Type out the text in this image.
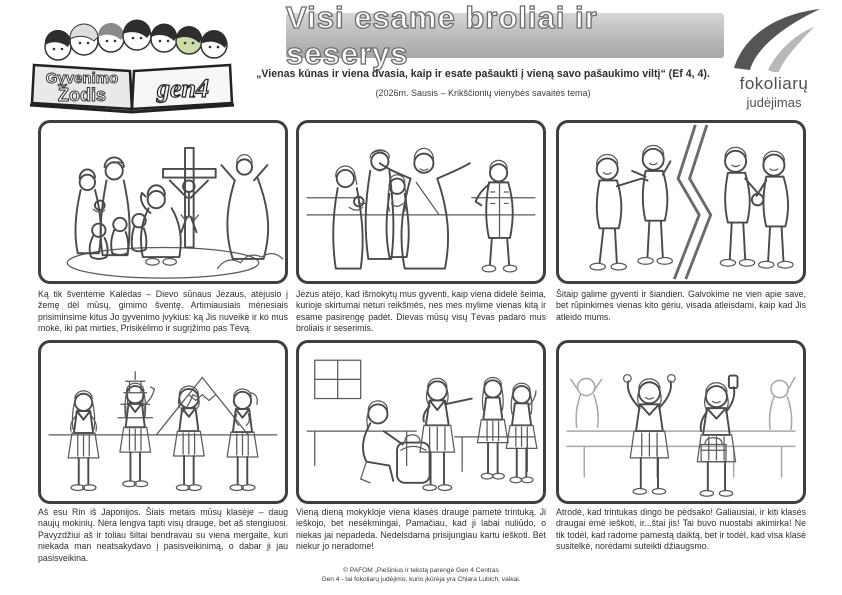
Gyvenimo
Žodis gen4
Visi esame broliai ir seserys
fokoliarų
judėjimas
„Vienas kūnas ir viena dvasia, kaip ir esate pašaukti į vieną savo pašaukimo viltį“ (Ef 4, 4).
(2026m. Sausis – Krikščionių vienybės savaitės tema)
Ką tik šventėme Kalėdas – Dievo sūnaus Jėzaus, atėjusio į žemę dėl mūsų, gimimo šventę. Artimiausiais mėnesiais prisiminsime kitus Jo gyvenimo įvykius: ką Jis nuveikė ir ko mus mokė, iki pat mirties, Prisikėlimo ir sugrįžimo pas Tėvą.
Jėzus atėjo, kad išmokytų mus gyventi, kaip viena didelė šeima, kurioje skirtumai neturi reikšmės, nes mes mylime vienas kitą ir esame pasirengę padėt. Dievas mūsų visų Tėvas padaro mus broliais ir seserimis.
Šitaip galime gyventi ir šiandien. Galvokime ne vien apie save, bet rūpinkimės vienas kito gėriu, visada atleisdami, kaip kad Jis atleido mums.
Aš esu Rin iš Japonijos. Šiais metais mūsų klasėje – daug naujų mokinių. Nėra lengva tapti visų drauge, bet aš stengiuosi. Pavyzdžiui aš ir toliau šiltai bendravau su viena mergaite, kuri niekada man neatsakydavo į pasisveikinimą, o dabar ji jau pasisveikina.
Vieną dieną mokykloje viena klasės draugė pametė trintuką. Ji ieškojo, bet nesėkmingai, Pamačiau, kad ji labai nuliūdo, o niekas jai nepadeda. Nedelsdama prisijungiau kartu ieškoti. Bet niekur jo neradome!
Atrodė, kad trintukas dingo be pėdsako! Galiausiai, ir kiti klasės draugai ėmė ieškoti, ir...štai jis! Tai buvo nuostabi akimirka! Ne tik todėl, kad radome pamestą daiktą, bet ir todėl, kad visa klasė susitelkė, norėdami suteikti džiaugsmo.
© PAFOM „Piešinius ir tekstą parengė Gen 4 Centras
Gen 4 - tai fokoliarų judėjimo, kurio įkūrėja yra Chiara Lubich, vaikai.
